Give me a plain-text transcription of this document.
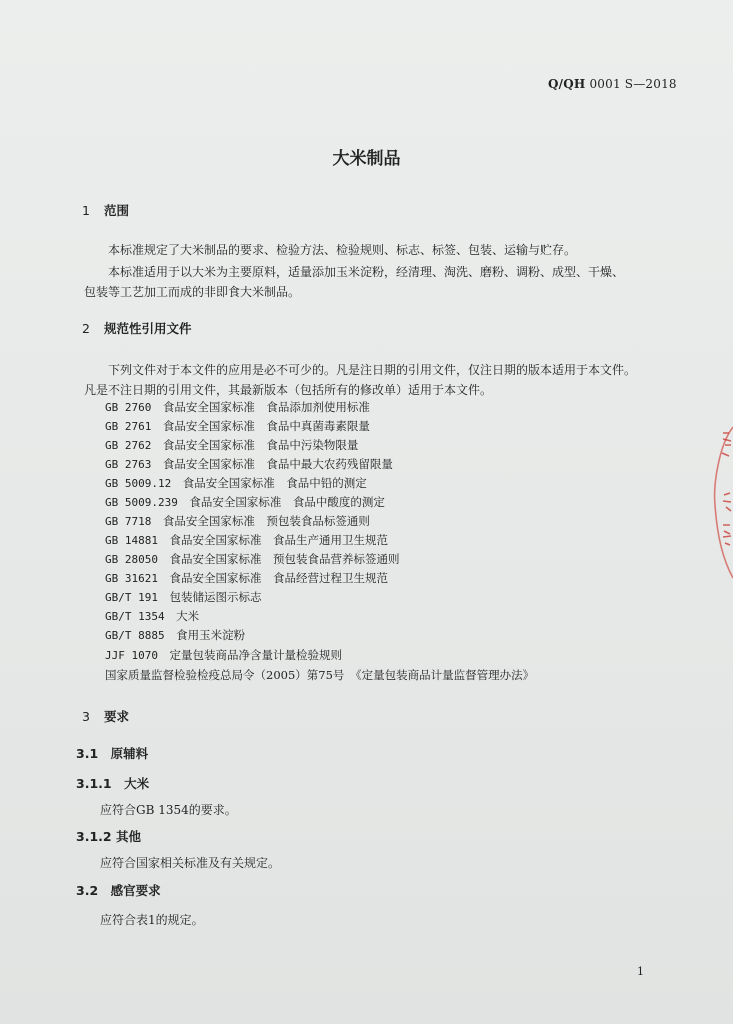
Q/QH 0001 S—2018
大米制品
1 范围
本标准规定了大米制品的要求、检验方法、检验规则、标志、标签、包装、运输与贮存。
本标准适用于以大米为主要原料，适量添加玉米淀粉，经清理、淘洗、磨粉、调粉、成型、干燥、
包装等工艺加工而成的非即食大米制品。
2 规范性引用文件
下列文件对于本文件的应用是必不可少的。凡是注日期的引用文件，仅注日期的版本适用于本文件。
凡是不注日期的引用文件，其最新版本（包括所有的修改单）适用于本文件。
GB 2760　 食品安全国家标准　食品添加剂使用标准
GB 2761　 食品安全国家标准　食品中真菌毒素限量
GB 2762　 食品安全国家标准　食品中污染物限量
GB 2763　 食品安全国家标准　食品中最大农药残留限量
GB 5009.12　 食品安全国家标准　食品中铅的测定
GB 5009.239　 食品安全国家标准　食品中酸度的测定
GB 7718　 食品安全国家标准　预包装食品标签通则
GB 14881　 食品安全国家标准　食品生产通用卫生规范
GB 28050　 食品安全国家标准　预包装食品营养标签通则
GB 31621　 食品安全国家标准　食品经营过程卫生规范
GB/T 191　 包装储运图示标志
GB/T 1354　 大米
GB/T 8885　 食用玉米淀粉
JJF 1070　 定量包装商品净含量计量检验规则
国家质量监督检验检疫总局令（2005）第75号　《定量包装商品计量监督管理办法》
3 要求
3.1　 原辅料
3.1.1　 大米
应符合GB 1354的要求。
3.1.2 其他
应符合国家相关标准及有关规定。
3.2　 感官要求
应符合表1的规定。
1
